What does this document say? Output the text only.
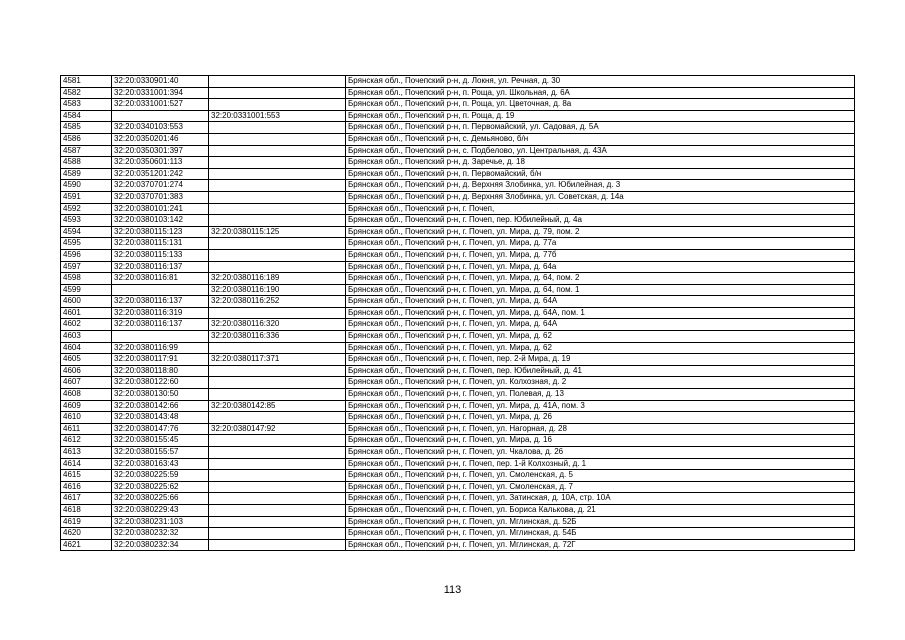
4581	32:20:0330901:40		Брянская обл., Почепский р-н, д. Локня, ул. Речная, д. 30
4582	32:20:0331001:394		Брянская обл., Почепский р-н, п. Роща, ул. Школьная, д. 6А
4583	32:20:0331001:527		Брянская обл., Почепский р-н, п. Роща, ул. Цветочная, д. 8а
4584		32:20:0331001:553	Брянская обл., Почепский р-н, п. Роща, д. 19
4585	32:20:0340103:553		Брянская обл., Почепский р-н, п. Первомайский, ул. Садовая, д. 5А
4586	32:20:0350201:46		Брянская обл., Почепский р-н, с. Демьяново, б/н
4587	32:20:0350301:397		Брянская обл., Почепский р-н, с. Подбелово, ул. Центральная, д. 43А
4588	32:20:0350601:113		Брянская обл., Почепский р-н, д. Заречье, д. 18
4589	32:20:0351201:242		Брянская обл., Почепский р-н, п. Первомайский, б/н
4590	32:20:0370701:274		Брянская обл., Почепский р-н, д. Верхняя Злобинка, ул. Юбилейная, д. 3
4591	32:20:0370701:383		Брянская обл., Почепский р-н, д. Верхняя Злобинка, ул. Советская, д. 14а
4592	32:20:0380101:241		Брянская обл., Почепский р-н, г. Почеп,
4593	32:20:0380103:142		Брянская обл., Почепский р-н, г. Почеп, пер. Юбилейный, д. 4а
4594	32:20:0380115:123	32:20:0380115:125	Брянская обл., Почепский р-н, г. Почеп, ул. Мира, д. 79, пом. 2
4595	32:20:0380115:131		Брянская обл., Почепский р-н, г. Почеп, ул. Мира, д. 77а
4596	32:20:0380115:133		Брянская обл., Почепский р-н, г. Почеп, ул. Мира, д. 77б
4597	32:20:0380116:137		Брянская обл., Почепский р-н, г. Почеп, ул. Мира, д. 64а
4598	32:20:0380116:81	32:20:0380116:189	Брянская обл., Почепский р-н, г. Почеп, ул. Мира, д. 64, пом. 2
4599		32:20:0380116:190	Брянская обл., Почепский р-н, г. Почеп, ул. Мира, д. 64, пом. 1
4600	32:20:0380116:137	32:20:0380116:252	Брянская обл., Почепский р-н, г. Почеп, ул. Мира, д. 64А
4601	32:20:0380116:319		Брянская обл., Почепский р-н, г. Почеп, ул. Мира, д. 64А, пом. 1
4602	32:20:0380116:137	32:20:0380116:320	Брянская обл., Почепский р-н, г. Почеп, ул. Мира, д. 64А
4603		32:20:0380116:336	Брянская обл., Почепский р-н, г. Почеп, ул. Мира, д. 62
4604	32:20:0380116:99		Брянская обл., Почепский р-н, г. Почеп, ул. Мира, д. 62
4605	32:20:0380117:91	32:20:0380117:371	Брянская обл., Почепский р-н, г. Почеп, пер. 2-й Мира, д. 19
4606	32:20:0380118:80		Брянская обл., Почепский р-н, г. Почеп, пер. Юбилейный, д. 41
4607	32:20:0380122:60		Брянская обл., Почепский р-н, г. Почеп, ул. Колхозная, д. 2
4608	32:20:0380130:50		Брянская обл., Почепский р-н, г. Почеп, ул. Полевая, д. 13
4609	32:20:0380142:66	32:20:0380142:85	Брянская обл., Почепский р-н, г. Почеп, ул. Мира, д. 41А, пом. 3
4610	32:20:0380143:48		Брянская обл., Почепский р-н, г. Почеп, ул. Мира, д. 26
4611	32:20:0380147:76	32:20:0380147:92	Брянская обл., Почепский р-н, г. Почеп, ул. Нагорная, д. 28
4612	32:20:0380155:45		Брянская обл., Почепский р-н, г. Почеп, ул. Мира, д. 16
4613	32:20:0380155:57		Брянская обл., Почепский р-н, г. Почеп, ул. Чкалова, д. 26
4614	32:20:0380163:43		Брянская обл., Почепский р-н, г. Почеп, пер. 1-й Колхозный, д. 1
4615	32:20:0380225:59		Брянская обл., Почепский р-н, г. Почеп, ул. Смоленская, д. 5
4616	32:20:0380225:62		Брянская обл., Почепский р-н, г. Почеп, ул. Смоленская, д. 7
4617	32:20:0380225:66		Брянская обл., Почепский р-н, г. Почеп, ул. Затинская, д. 10А, стр. 10А
4618	32:20:0380229:43		Брянская обл., Почепский р-н, г. Почеп, ул. Бориса Калькова, д. 21
4619	32:20:0380231:103		Брянская обл., Почепский р-н, г. Почеп, ул. Мглинская, д. 52Б
4620	32:20:0380232:32		Брянская обл., Почепский р-н, г. Почеп, ул. Мглинская, д. 54Б
4621	32:20:0380232:34		Брянская обл., Почепский р-н, г. Почеп, ул. Мглинская, д. 72Г
113
